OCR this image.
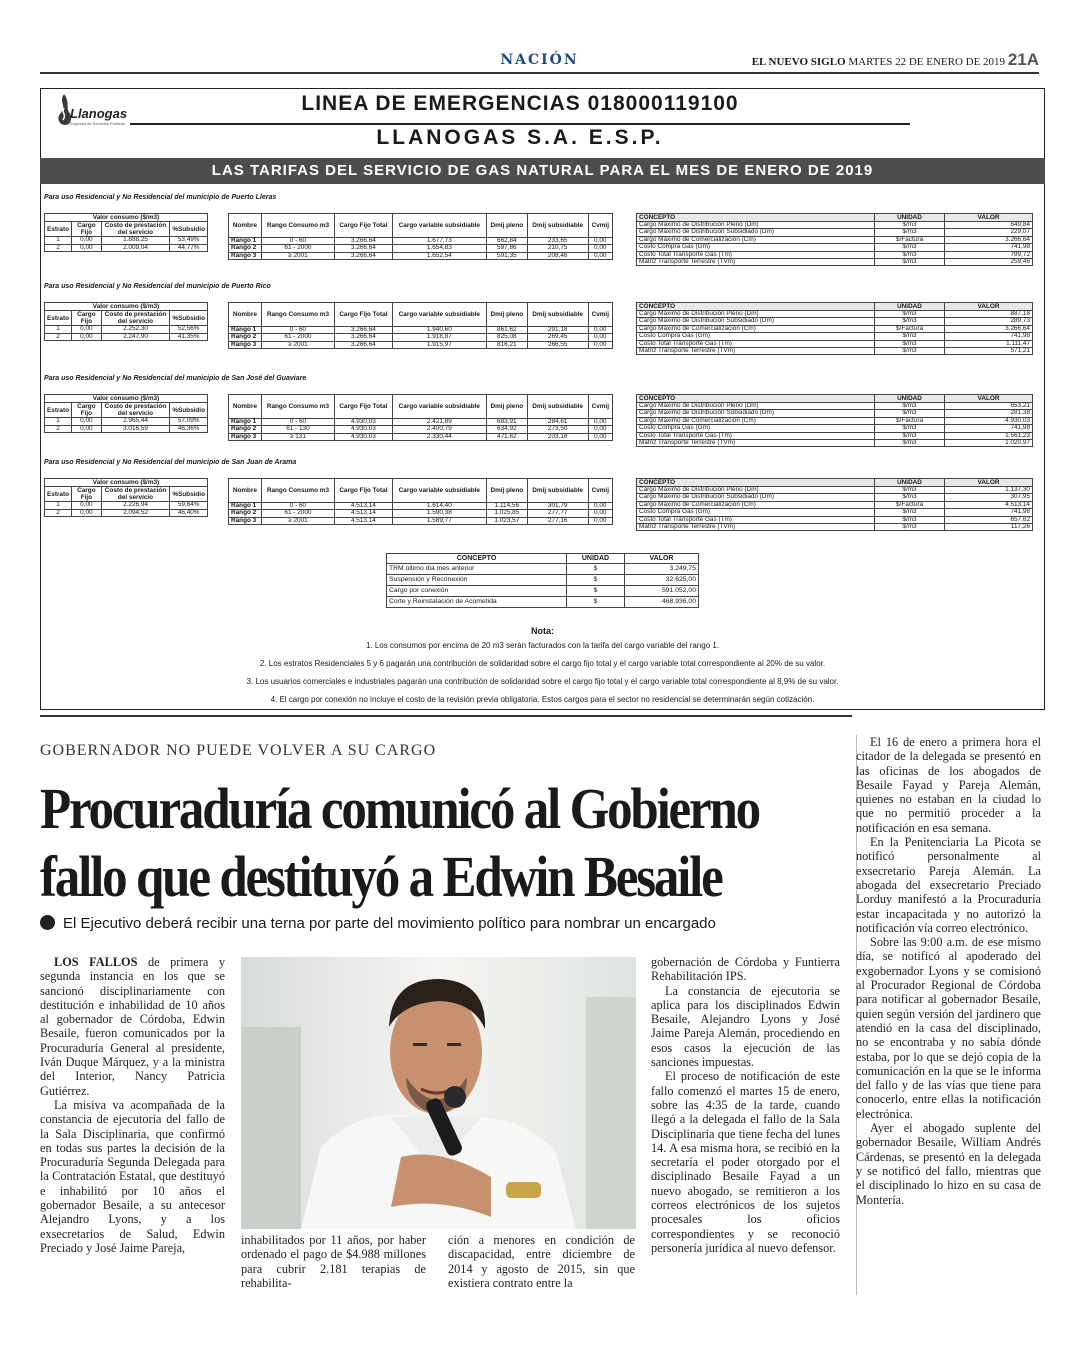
NACIÓN	EL NUEVO SIGLO MARTES 22 DE ENERO DE 2019 21A
Llanogas
Empresa de Servicios Públicos
LINEA DE EMERGENCIAS 018000119100
LLANOGAS S.A. E.S.P.
LAS TARIFAS DEL SERVICIO DE GAS NATURAL PARA EL MES DE ENERO DE 2019
Para uso Residencial y No Residencial del municipio de Puerto Lleras
Valor consumo ($/m3)			
Estrato	Cargo Fijo	Costo de prestación del servicio	%Subsidio
1	0,00	1.888,25	53,49%
2	0,00	2.009,04	44,77%
Nombre	Rango Consumo m3	Cargo Fijo Total	Cargo variable subsidiable	Dmij pleno	Dmij subsidiable	Cvmij
Rango 1	0 - 60	3.266,64	1.677,73	662,84	233,65	0,00
Rango 2	61 - 2000	3.266,64	1.654,83	597,86	210,75	0,00
Rango 3	≥ 2001	3.266,64	1.652,54	591,35	208,46	0,00
CONCEPTO	UNIDAD	VALOR
Cargo Máximo de Distribución Pleno (Dm)	$/m3	649,84
Cargo Máximo de Distribución Subsidiado (Dm)	$/m3	229,07
Cargo Máximo de Comercialización (Cm)	$/Factura	3.266,64
Costo Compra Gas (Gm)	$/m3	741,98
Costo Total Transporte Gas (Tm)	$/m3	799,72
Matriz Transporte Terrestre (TVm)	$/m3	259,46
Para uso Residencial y No Residencial del municipio de Puerto Rico
Valor consumo ($/m3)			
Estrato	Cargo Fijo	Costo de prestación del servicio	%Subsidio
1	0,00	2.252,30	52,56%
2	0,00	2.247,90	41,35%
Nombre	Rango Consumo m3	Cargo Fijo Total	Cargo variable subsidiable	Dmij pleno	Dmij subsidiable	Cvmij
Rango 1	0 - 60	3.266,64	1.940,60	861,62	291,18	0,00
Rango 2	61 - 2000	3.266,64	1.918,87	825,08	269,45	0,00
Rango 3	≥ 2001	3.266,64	1.915,97	816,21	266,55	0,00
CONCEPTO	UNIDAD	VALOR
Cargo Máximo de Distribución Pleno (Dm)	$/m3	887,18
Cargo Máximo de Distribución Subsidiado (Dm)	$/m3	289,73
Cargo Máximo de Comercialización (Cm)	$/Factura	3.266,64
Costo Compra Gas (Gm)	$/m3	741,98
Costo Total Transporte Gas (Tm)	$/m3	1.111,47
Matriz Transporte Terrestre (TVm)	$/m3	571,21
Para uso Residencial y No Residencial del municipio de San José del Guaviare
Valor consumo ($/m3)			
Estrato	Cargo Fijo	Costo de prestación del servicio	%Subsidio
1	0,00	2.965,44	57,09%
2	0,00	3.016,59	46,36%
Nombre	Rango Consumo m3	Cargo Fijo Total	Cargo variable subsidiable	Dmij pleno	Dmij subsidiable	Cvmij
Rango 1	0 - 60	4.930,03	2.421,89	683,91	284,61	0,00
Rango 2	61 - 130	4.930,03	2.400,79	634,92	273,50	0,00
Rango 3	≥ 131	4.930,03	2.330,44	471,62	203,16	0,00
CONCEPTO	UNIDAD	VALOR
Cargo Máximo de Distribución Pleno (Dm)	$/m3	653,21
Cargo Máximo de Distribución Subsidiado (Dm)	$/m3	281,38
Cargo Máximo de Comercialización (Cm)	$/Factura	4.930,03
Costo Compra Gas (Gm)	$/m3	741,98
Costo Total Transporte Gas (Tm)	$/m3	1.561,23
Matriz Transporte Terrestre (TVm)	$/m3	1.020,97
Para uso Residencial y No Residencial del municipio de San Juan de Arama
Valor consumo ($/m3)			
Estrato	Cargo Fijo	Costo de prestación del servicio	%Subsidio
1	0,00	2.226,94	59,64%
2	0,00	2.094,52	46,40%
Nombre	Rango Consumo m3	Cargo Fijo Total	Cargo variable subsidiable	Dmij pleno	Dmij subsidiable	Cvmij
Rango 1	0 - 60	4.513,14	1.614,40	1.114,56	301,79	0,00
Rango 2	61 - 2000	4.513,14	1.590,38	1.025,85	277,77	0,00
Rango 3	≥ 2001	4.513,14	1.589,77	1.023,57	277,16	0,00
CONCEPTO	UNIDAD	VALOR
Cargo Máximo de Distribución Pleno (Dm)	$/m3	1.137,30
Cargo Máximo de Distribución Subsidiado (Dm)	$/m3	307,95
Cargo Máximo de Comercialización (Cm)	$/Factura	4.513,14
Costo Compra Gas (Gm)	$/m3	741,98
Costo Total Transporte Gas (Tm)	$/m3	657,62
Matriz Transporte Terrestre (TVm)	$/m3	117,26
CONCEPTO	UNIDAD	VALOR
TRM último dia mes anterior	$	3.249,75
Suspensión y Reconexión	$	32.625,00
Cargo por conexión	$	591.052,00
Corte y Reinstalación de Acometida	$	468.936,00
Nota:
1. Los consumos por encima de 20 m3 serán facturados con la tarifa del cargo variable del rango 1.
2. Los estratos Residenciales 5 y 6 pagarán una contribución de solidaridad sobre el cargo fijo total y el cargo variable total correspondiente al 20% de su valor.
3. Los usuarios comerciales e industriales pagarán una contribución de solidaridad sobre el cargo fijo total y el cargo variable total correspondiente al 8,9% de su valor.
4. El cargo por conexión no incluye el costo de la revisión previa obligatoria. Estos cargos para el sector no residencial se determinarán según cotización.
GOBERNADOR NO PUEDE VOLVER A SU CARGO
Procuraduría comunicó al Gobierno
fallo que destituyó a Edwin Besaile
El Ejecutivo deberá recibir una terna por parte del movimiento político para nombrar un encargado

LOS FALLOS de primera y segunda instancia en los que se sancionó disciplinariamente con destitución e inhabilidad de 10 años al gobernador de Córdoba, Edwin Besaile, fueron comunicados por la Procuraduría General al presidente, Iván Duque Márquez, y a la ministra del Interior, Nancy Patricia Gutiérrez.

La misiva va acompañada de la constancia de ejecutoria del fallo de la Sala Disciplinaria, que confirmó en todas sus partes la decisión de la Procuraduría Segunda Delegada para la Contratación Estatal, que destituyó e inhabilitó por 10 años el gobernador Besaile, a su antecesor Alejandro Lyons, y a los exsecretarios de Salud, Edwin Preciado y José Jaime Pareja,

inhabilitados por 11 años, por haber ordenado el pago de $4.988 millones para cubrir 2.181 terapias de rehabilita-

ción a menores en condición de discapacidad, entre diciembre de 2014 y agosto de 2015, sin que existiera contrato entre la

gobernación de Córdoba y Funtierra Rehabilitación IPS.

La constancia de ejecutoria se aplica para los disciplinados Edwin Besaile, Alejandro Lyons y José Jaime Pareja Alemán, procediendo en esos casos la ejecución de las sanciones impuestas.

El proceso de notificación de este fallo comenzó el martes 15 de enero, sobre las 4:35 de la tarde, cuando llegó a la delegada el fallo de la Sala Disciplinaria que tiene fecha del lunes 14. A esa misma hora, se recibió en la secretaría el poder otorgado por el disciplinado Besaile Fayad a un nuevo abogado, se remitieron a los correos electrónicos de los sujetos procesales los oficios correspondientes y se reconoció personería jurídica al nuevo defensor.

El 16 de enero a primera hora el citador de la delegada se presentó en las oficinas de los abogados de Besaile Fayad y Pareja Alemán, quienes no estaban en la ciudad lo que no permitió proceder a la notificación en esa semana.

En la Penitenciaria La Picota se notificó personalmente al exsecretario Pareja Alemán. La abogada del exsecretario Preciado Lorduy manifestó a la Procuraduría estar incapacitada y no autorizó la notificación vía correo electrónico.

Sobre las 9:00 a.m. de ese mismo día, se notificó al apoderado del exgobernador Lyons y se comisionó al Procurador Regional de Córdoba para notificar al gobernador Besaile, quien según versión del jardinero que atendió en la casa del disciplinado, no se encontraba y no sabía dónde estaba, por lo que se dejó copia de la comunicación en la que se le informa del fallo y de las vías que tiene para conocerlo, entre ellas la notificación electrónica.

Ayer el abogado suplente del gobernador Besaile, William Andrés Cárdenas, se presentó en la delegada y se notificó del fallo, mientras que el disciplinado lo hizo en su casa de Montería.
